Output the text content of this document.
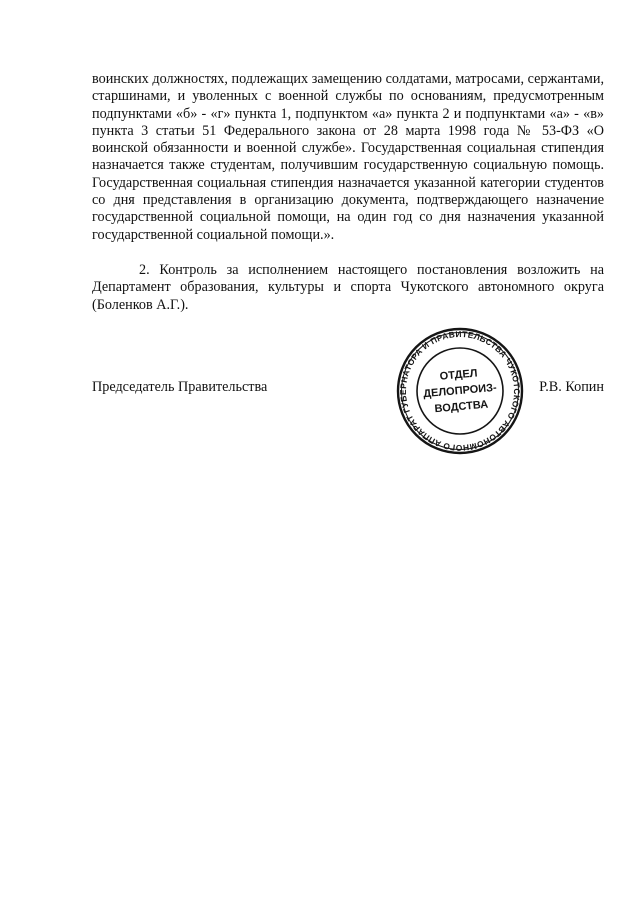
воинских должностях, подлежащих замещению солдатами, матросами, сержантами, старшинами, и уволенных с военной службы по основаниям, предусмотренным подпунктами «б» - «г» пункта 1, подпунктом «а» пункта 2 и подпунктами «а» - «в» пункта 3 статьи 51 Федерального закона от 28 марта 1998 года № 53-ФЗ «О воинской обязанности и военной службе». Государственная социальная стипендия назначается также студентам, получившим государственную социальную помощь. Государственная социальная стипендия назначается указанной категории студентов со дня представления в организацию документа, подтверждающего назначение государственной социальной помощи, на один год со дня назначения указанной государственной социальной помощи.».

2. Контроль за исполнением настоящего постановления возложить на Департамент образования, культуры и спорта Чукотского автономного округа (Боленков А.Г.).

Председатель Правительства
АППАРАТ ГУБЕРНАТОРА И ПРАВИТЕЛЬСТВА ЧУКОТСКОГО АВТОНОМНОГО
ОТДЕЛ
ДЕЛОПРОИЗ-
ВОДСТВА
Р.В. Копин
